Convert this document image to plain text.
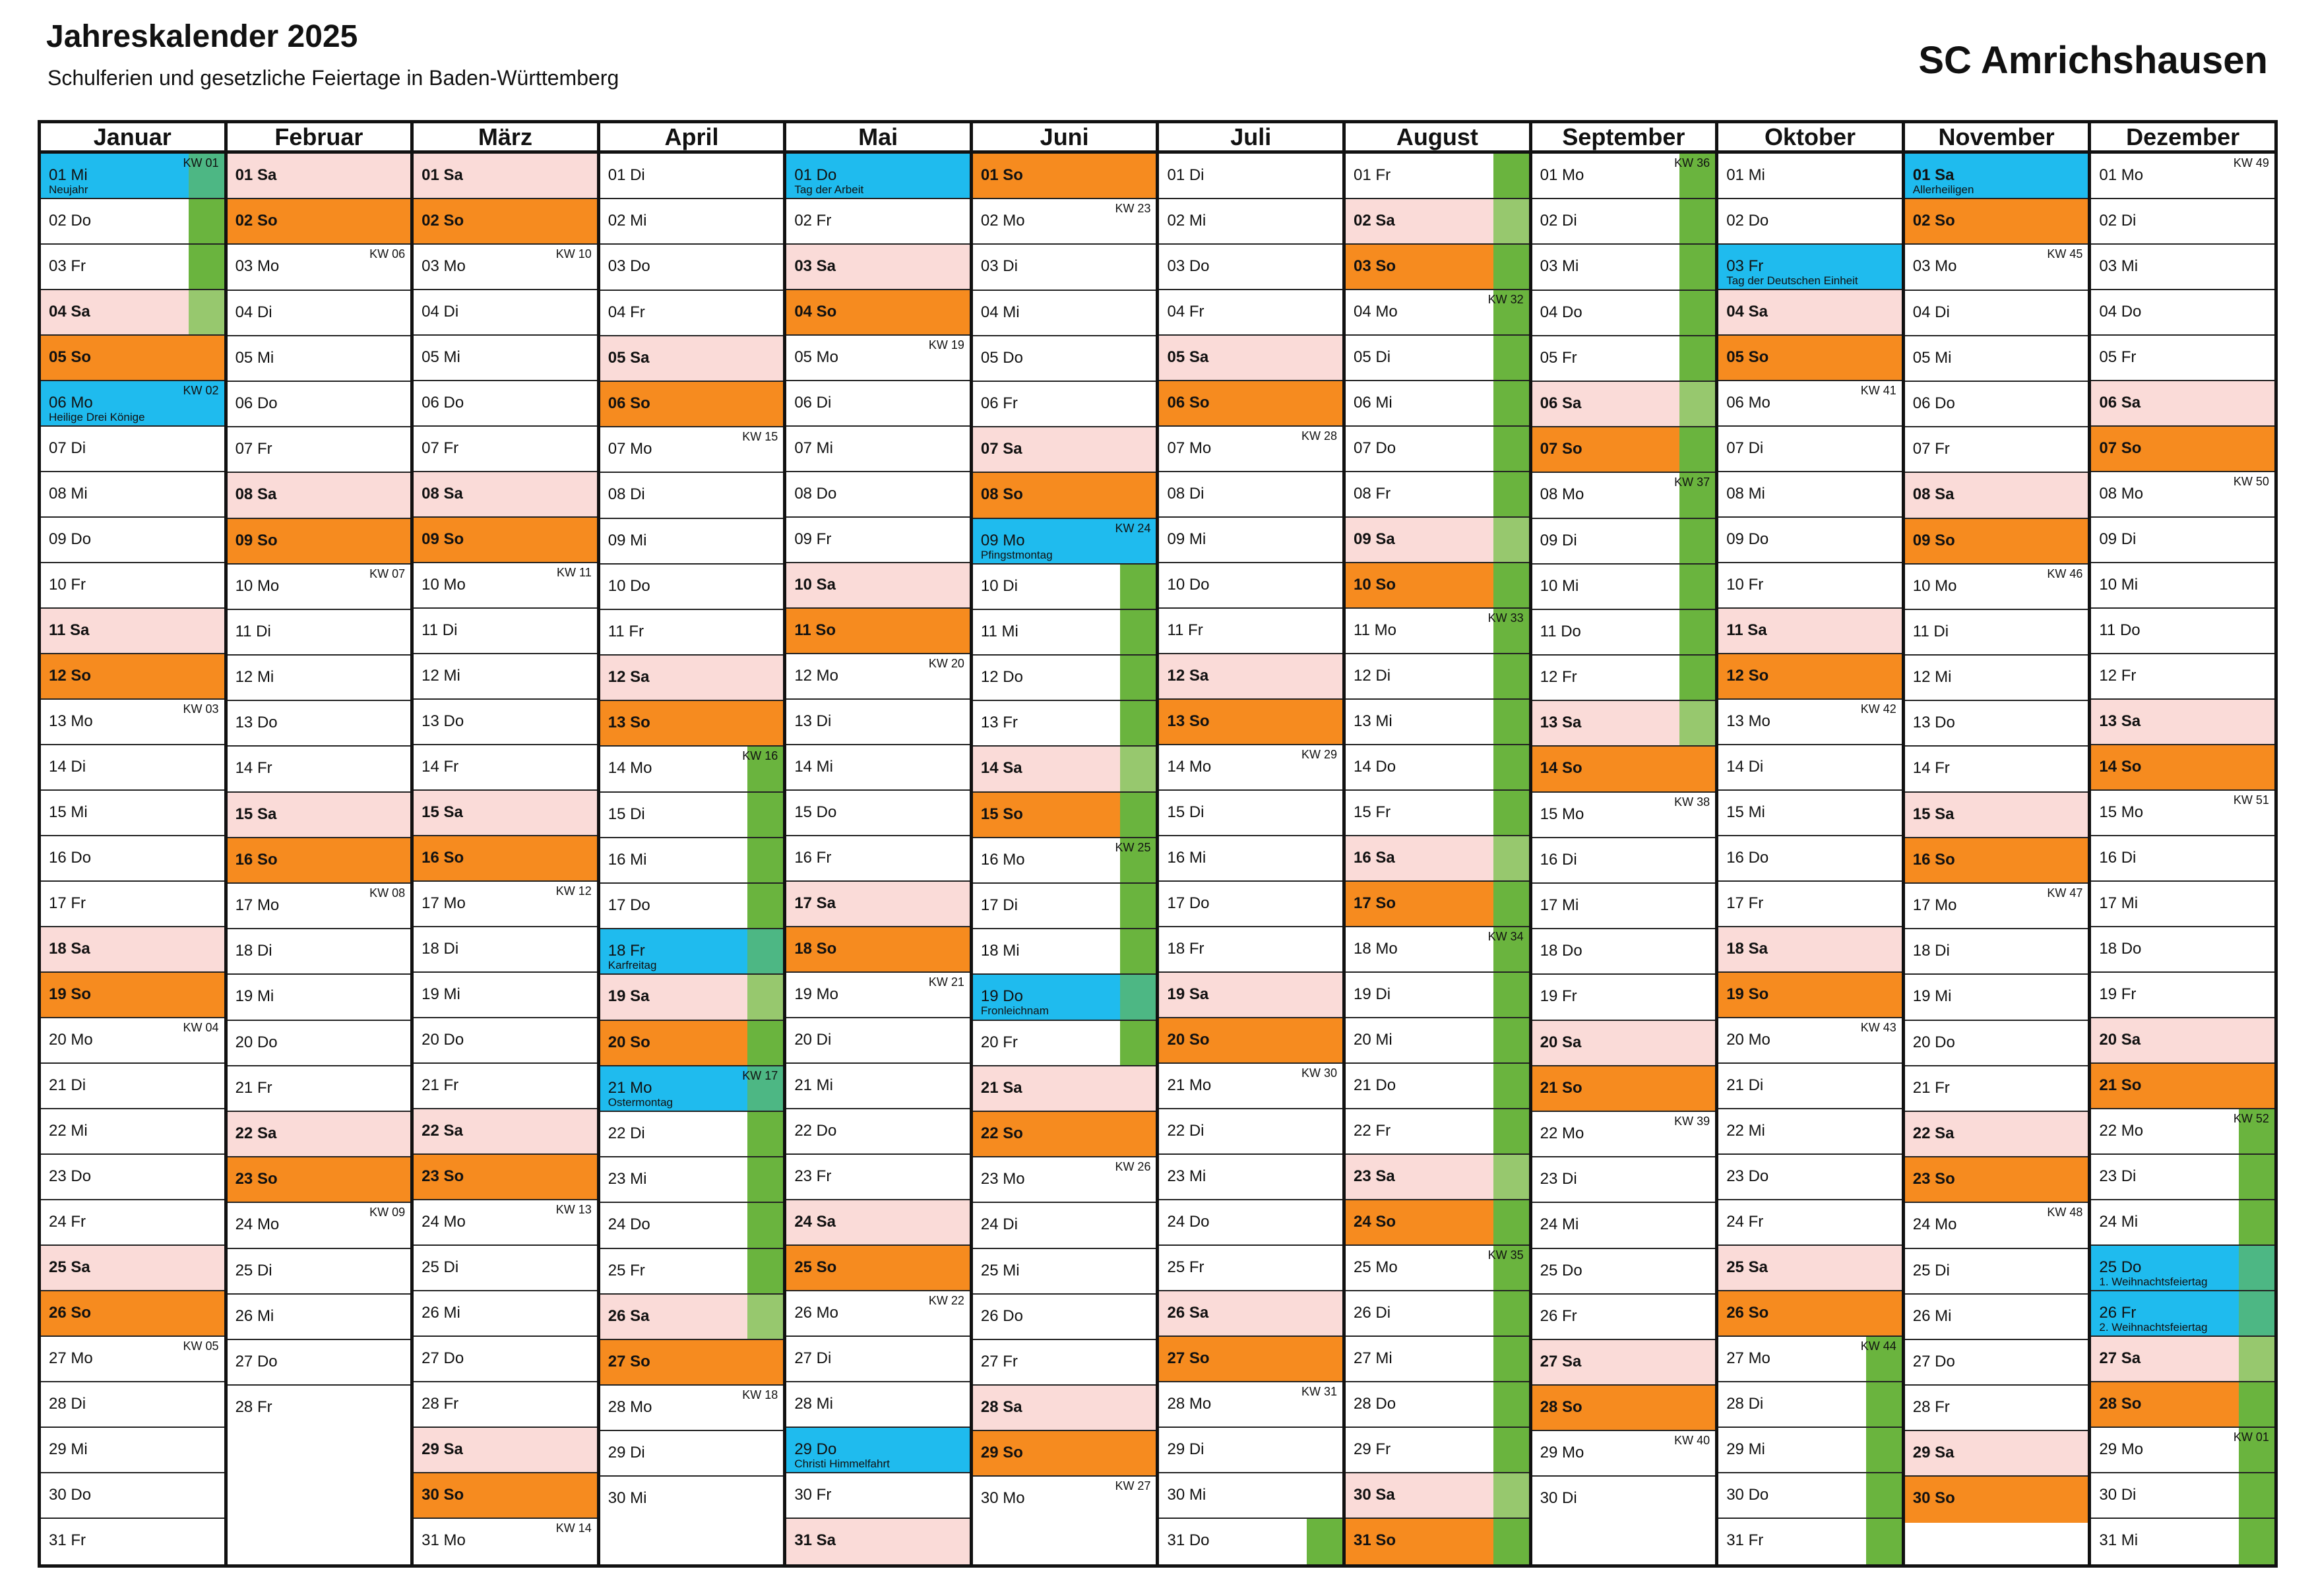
Jahreskalender 2025
Schulferien und gesetzliche Feiertage in Baden-Württemberg	SC Amrichshausen
Januar
01 Mi
KW 01
Neujahr
02 Do
03 Fr
04 Sa
05 So
06 Mo
KW 02
Heilige Drei Könige
07 Di
08 Mi
09 Do
10 Fr
11 Sa
12 So
13 Mo
KW 03
14 Di
15 Mi
16 Do
17 Fr
18 Sa
19 So
20 Mo
KW 04
21 Di
22 Mi
23 Do
24 Fr
25 Sa
26 So
27 Mo
KW 05
28 Di
29 Mi
30 Do
31 Fr
Februar
01 Sa
02 So
03 Mo
KW 06
04 Di
05 Mi
06 Do
07 Fr
08 Sa
09 So
10 Mo
KW 07
11 Di
12 Mi
13 Do
14 Fr
15 Sa
16 So
17 Mo
KW 08
18 Di
19 Mi
20 Do
21 Fr
22 Sa
23 So
24 Mo
KW 09
25 Di
26 Mi
27 Do
28 Fr
März
01 Sa
02 So
03 Mo
KW 10
04 Di
05 Mi
06 Do
07 Fr
08 Sa
09 So
10 Mo
KW 11
11 Di
12 Mi
13 Do
14 Fr
15 Sa
16 So
17 Mo
KW 12
18 Di
19 Mi
20 Do
21 Fr
22 Sa
23 So
24 Mo
KW 13
25 Di
26 Mi
27 Do
28 Fr
29 Sa
30 So
31 Mo
KW 14
April
01 Di
02 Mi
03 Do
04 Fr
05 Sa
06 So
07 Mo
KW 15
08 Di
09 Mi
10 Do
11 Fr
12 Sa
13 So
14 Mo
KW 16
15 Di
16 Mi
17 Do
18 Fr
Karfreitag
19 Sa
20 So
21 Mo
KW 17
Ostermontag
22 Di
23 Mi
24 Do
25 Fr
26 Sa
27 So
28 Mo
KW 18
29 Di
30 Mi
Mai
01 Do
Tag der Arbeit
02 Fr
03 Sa
04 So
05 Mo
KW 19
06 Di
07 Mi
08 Do
09 Fr
10 Sa
11 So
12 Mo
KW 20
13 Di
14 Mi
15 Do
16 Fr
17 Sa
18 So
19 Mo
KW 21
20 Di
21 Mi
22 Do
23 Fr
24 Sa
25 So
26 Mo
KW 22
27 Di
28 Mi
29 Do
Christi Himmelfahrt
30 Fr
31 Sa
Juni
01 So
02 Mo
KW 23
03 Di
04 Mi
05 Do
06 Fr
07 Sa
08 So
09 Mo
KW 24
Pfingstmontag
10 Di
11 Mi
12 Do
13 Fr
14 Sa
15 So
16 Mo
KW 25
17 Di
18 Mi
19 Do
Fronleichnam
20 Fr
21 Sa
22 So
23 Mo
KW 26
24 Di
25 Mi
26 Do
27 Fr
28 Sa
29 So
30 Mo
KW 27
Juli
01 Di
02 Mi
03 Do
04 Fr
05 Sa
06 So
07 Mo
KW 28
08 Di
09 Mi
10 Do
11 Fr
12 Sa
13 So
14 Mo
KW 29
15 Di
16 Mi
17 Do
18 Fr
19 Sa
20 So
21 Mo
KW 30
22 Di
23 Mi
24 Do
25 Fr
26 Sa
27 So
28 Mo
KW 31
29 Di
30 Mi
31 Do
August
01 Fr
02 Sa
03 So
04 Mo
KW 32
05 Di
06 Mi
07 Do
08 Fr
09 Sa
10 So
11 Mo
KW 33
12 Di
13 Mi
14 Do
15 Fr
16 Sa
17 So
18 Mo
KW 34
19 Di
20 Mi
21 Do
22 Fr
23 Sa
24 So
25 Mo
KW 35
26 Di
27 Mi
28 Do
29 Fr
30 Sa
31 So
September
01 Mo
KW 36
02 Di
03 Mi
04 Do
05 Fr
06 Sa
07 So
08 Mo
KW 37
09 Di
10 Mi
11 Do
12 Fr
13 Sa
14 So
15 Mo
KW 38
16 Di
17 Mi
18 Do
19 Fr
20 Sa
21 So
22 Mo
KW 39
23 Di
24 Mi
25 Do
26 Fr
27 Sa
28 So
29 Mo
KW 40
30 Di
Oktober
01 Mi
02 Do
03 Fr
Tag der Deutschen Einheit
04 Sa
05 So
06 Mo
KW 41
07 Di
08 Mi
09 Do
10 Fr
11 Sa
12 So
13 Mo
KW 42
14 Di
15 Mi
16 Do
17 Fr
18 Sa
19 So
20 Mo
KW 43
21 Di
22 Mi
23 Do
24 Fr
25 Sa
26 So
27 Mo
KW 44
28 Di
29 Mi
30 Do
31 Fr
November
01 Sa
Allerheiligen
02 So
03 Mo
KW 45
04 Di
05 Mi
06 Do
07 Fr
08 Sa
09 So
10 Mo
KW 46
11 Di
12 Mi
13 Do
14 Fr
15 Sa
16 So
17 Mo
KW 47
18 Di
19 Mi
20 Do
21 Fr
22 Sa
23 So
24 Mo
KW 48
25 Di
26 Mi
27 Do
28 Fr
29 Sa
30 So
Dezember
01 Mo
KW 49
02 Di
03 Mi
04 Do
05 Fr
06 Sa
07 So
08 Mo
KW 50
09 Di
10 Mi
11 Do
12 Fr
13 Sa
14 So
15 Mo
KW 51
16 Di
17 Mi
18 Do
19 Fr
20 Sa
21 So
22 Mo
KW 52
23 Di
24 Mi
25 Do
1. Weihnachtsfeiertag
26 Fr
2. Weihnachtsfeiertag
27 Sa
28 So
29 Mo
KW 01
30 Di
31 Mi
